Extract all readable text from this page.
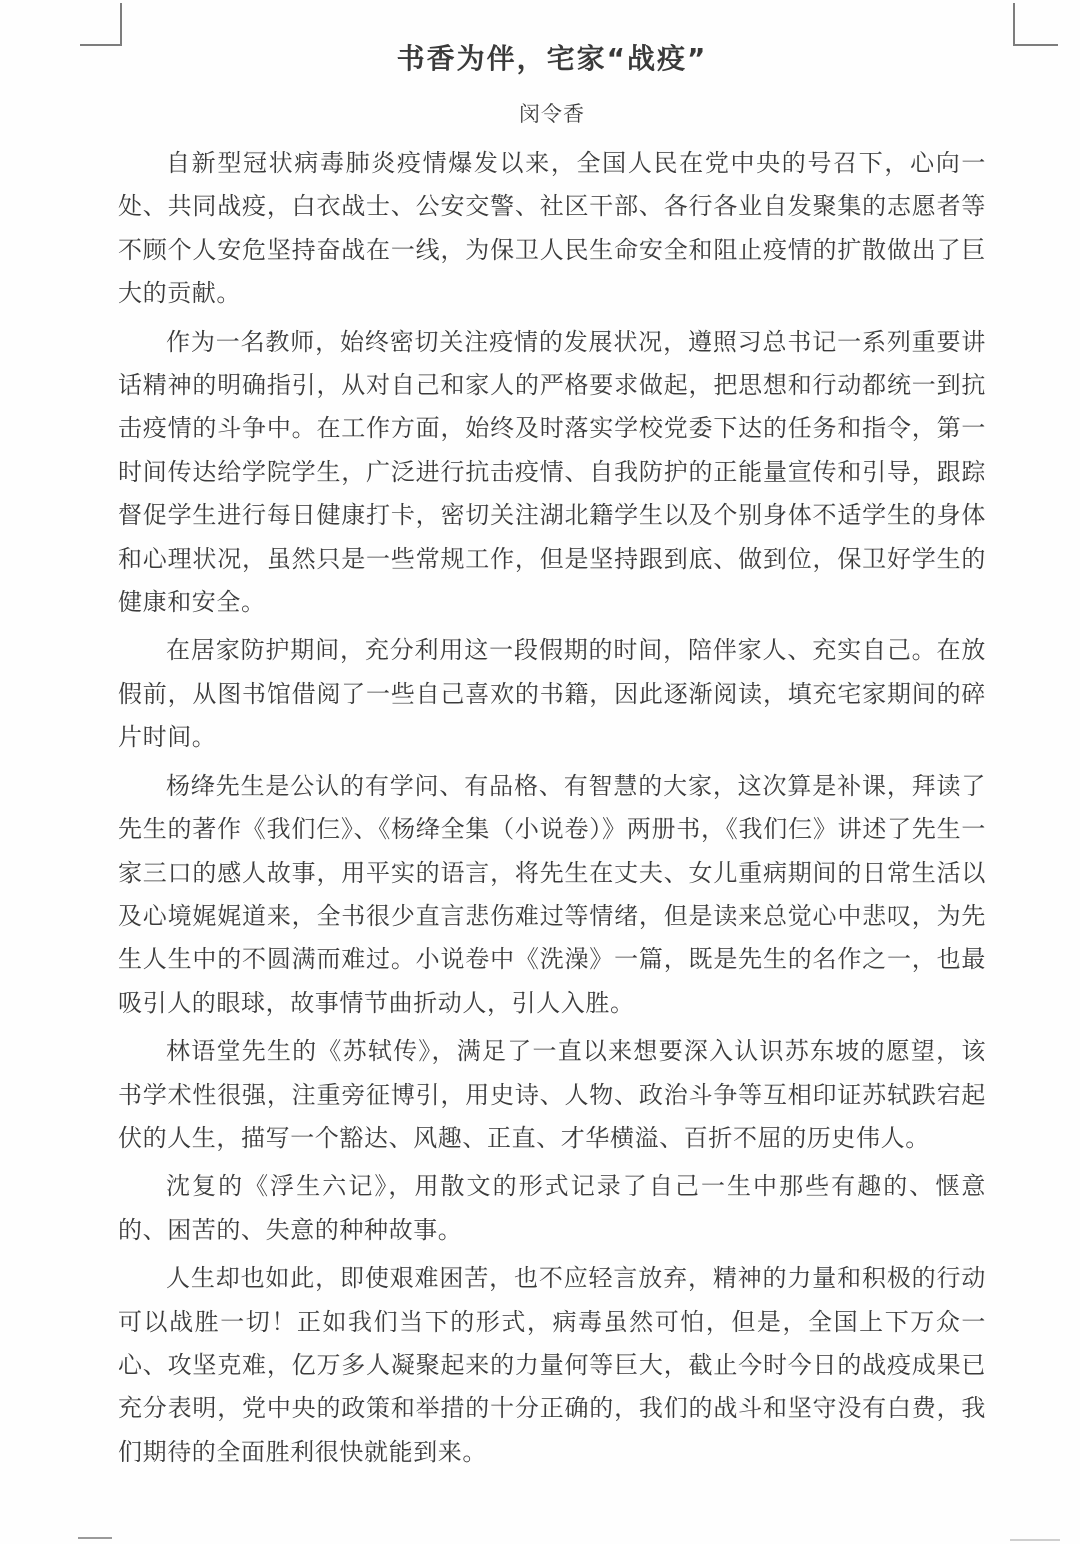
书香为伴，宅家“战疫”
闵令香

自新型冠状病毒肺炎疫情爆发以来，全国人民在党中央的号召下，心向一处、共同战疫，白衣战士、公安交警、社区干部、各行各业自发聚集的志愿者等不顾个人安危坚持奋战在一线，为保卫人民生命安全和阻止疫情的扩散做出了巨大的贡献。

作为一名教师，始终密切关注疫情的发展状况，遵照习总书记一系列重要讲话精神的明确指引，从对自己和家人的严格要求做起，把思想和行动都统一到抗击疫情的斗争中。在工作方面，始终及时落实学校党委下达的任务和指令，第一时间传达给学院学生，广泛进行抗击疫情、自我防护的正能量宣传和引导，跟踪督促学生进行每日健康打卡，密切关注湖北籍学生以及个别身体不适学生的身体和心理状况，虽然只是一些常规工作，但是坚持跟到底、做到位，保卫好学生的健康和安全。

在居家防护期间，充分利用这一段假期的时间，陪伴家人、充实自己。在放假前，从图书馆借阅了一些自己喜欢的书籍，因此逐渐阅读，填充宅家期间的碎片时间。

杨绛先生是公认的有学问、有品格、有智慧的大家，这次算是补课，拜读了先生的著作《我们仨》、《杨绛全集（小说卷）》两册书，《我们仨》讲述了先生一家三口的感人故事，用平实的语言，将先生在丈夫、女儿重病期间的日常生活以及心境娓娓道来，全书很少直言悲伤难过等情绪，但是读来总觉心中悲叹，为先生人生中的不圆满而难过。小说卷中《洗澡》一篇，既是先生的名作之一，也最吸引人的眼球，故事情节曲折动人，引人入胜。

林语堂先生的《苏轼传》，满足了一直以来想要深入认识苏东坡的愿望，该书学术性很强，注重旁征博引，用史诗、人物、政治斗争等互相印证苏轼跌宕起伏的人生，描写一个豁达、风趣、正直、才华横溢、百折不屈的历史伟人。

沈复的《浮生六记》，用散文的形式记录了自己一生中那些有趣的、惬意的、困苦的、失意的种种故事。

人生却也如此，即使艰难困苦，也不应轻言放弃，精神的力量和积极的行动可以战胜一切！正如我们当下的形式，病毒虽然可怕，但是，全国上下万众一心、攻坚克难，亿万多人凝聚起来的力量何等巨大，截止今时今日的战疫成果已充分表明，党中央的政策和举措的十分正确的，我们的战斗和坚守没有白费，我们期待的全面胜利很快就能到来。
